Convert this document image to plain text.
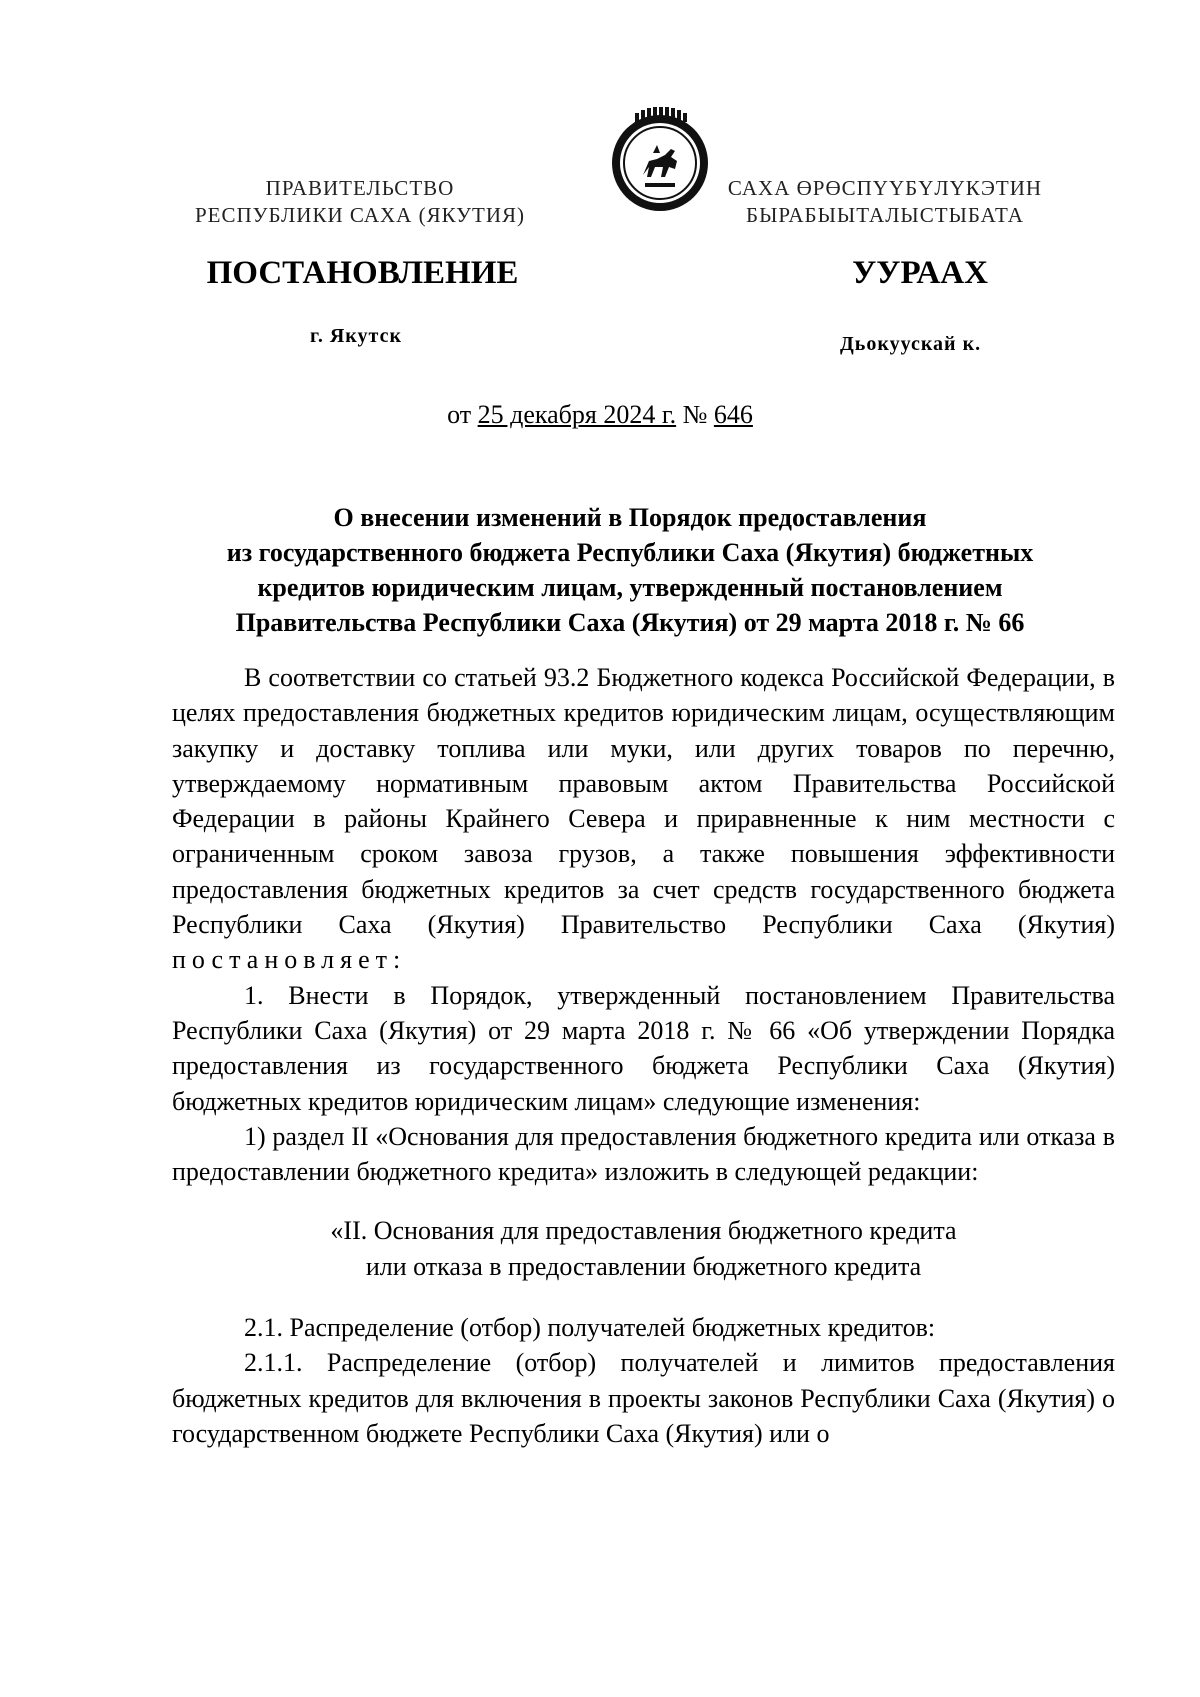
ПРАВИТЕЛЬСТВО
РЕСПУБЛИКИ САХА (ЯКУТИЯ)
САХА ӨРӨСПҮҮБҮЛҮКЭТИН
БЫРАБЫЫТАЛЫСТЫБАТА
ПОСТАНОВЛЕНИЕ	УУРААХ
г. Якутск	Дьокуускай к.
от 25 декабря 2024 г. № 646
О внесении изменений в Порядок предоставления
из государственного бюджета Республики Саха (Якутия) бюджетных
кредитов юридическим лицам, утвержденный постановлением
Правительства Республики Саха (Якутия) от 29 марта 2018 г. № 66

В соответствии со статьей 93.2 Бюджетного кодекса Российской Федерации, в целях предоставления бюджетных кредитов юридическим лицам, осуществляющим закупку и доставку топлива или муки, или других товаров по перечню, утверждаемому нормативным правовым актом Правительства Российской Федерации в районы Крайнего Севера и приравненные к ним местности с ограниченным сроком завоза грузов, а также повышения эффективности предоставления бюджетных кредитов за счет средств государственного бюджета Республики Саха (Якутия) Правительство Республики Саха (Якутия) постановляет:

1. Внести в Порядок, утвержденный постановлением Правительства Республики Саха (Якутия) от 29 марта 2018 г. № 66 «Об утверждении Порядка предоставления из государственного бюджета Республики Саха (Якутия) бюджетных кредитов юридическим лицам» следующие изменения:

1) раздел II «Основания для предоставления бюджетного кредита или отказа в предоставлении бюджетного кредита» изложить в следующей редакции:

«II. Основания для предоставления бюджетного кредита
или отказа в предоставлении бюджетного кредита

2.1. Распределение (отбор) получателей бюджетных кредитов:

2.1.1. Распределение (отбор) получателей и лимитов предоставления бюджетных кредитов для включения в проекты законов Республики Саха (Якутия) о государственном бюджете Республики Саха (Якутия) или о
